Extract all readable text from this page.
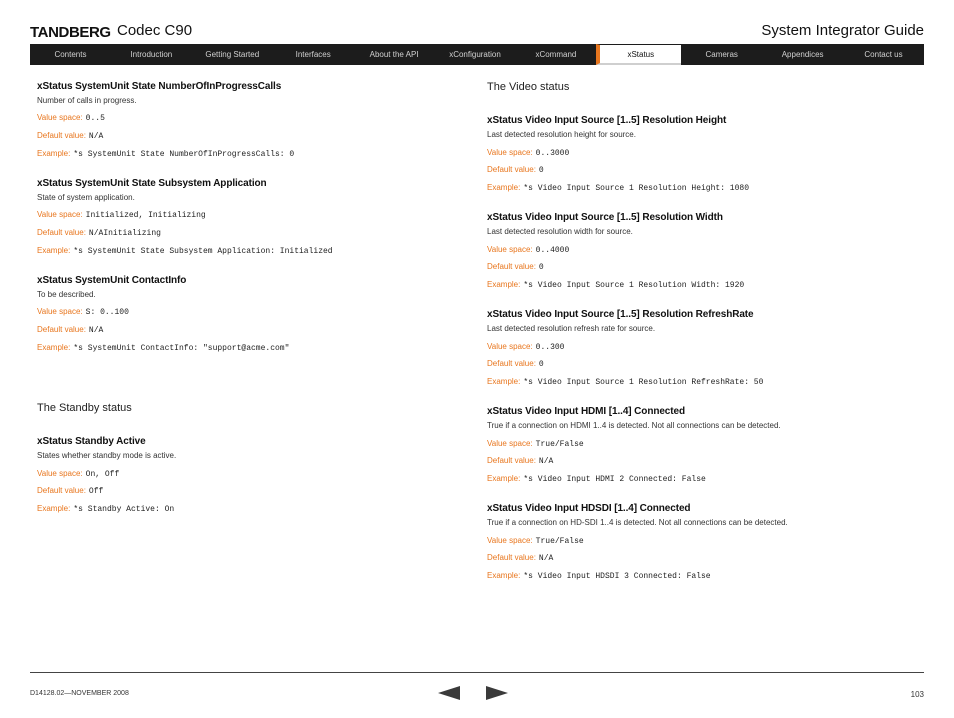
TANDBERG Codec C90	System Integrator Guide
Contents	Introduction	Getting Started	Interfaces	About the API	xConfiguration	xCommand	xStatus	Cameras	Appendices	Contact us
xStatus SystemUnit State NumberOfInProgressCalls
Number of calls in progress.
Value space: 0..5
Default value: N/A
Example: *s SystemUnit State NumberOfInProgressCalls: 0
xStatus SystemUnit State Subsystem Application
State of system application.
Value space: Initialized, Initializing
Default value: N/AInitializing
Example: *s SystemUnit State Subsystem Application: Initialized
xStatus SystemUnit ContactInfo
To be described.
Value space: S: 0..100
Default value: N/A
Example: *s SystemUnit ContactInfo: "support@acme.com"
The Standby status
xStatus Standby Active
States whether standby mode is active.
Value space: On, Off
Default value: Off
Example: *s Standby Active: On
The Video status
xStatus Video Input Source [1..5] Resolution Height
Last detected resolution height for source.
Value space: 0..3000
Default value: 0
Example: *s Video Input Source 1 Resolution Height: 1080
xStatus Video Input Source [1..5] Resolution Width
Last detected resolution width for source.
Value space: 0..4000
Default value: 0
Example: *s Video Input Source 1 Resolution Width: 1920
xStatus Video Input Source [1..5] Resolution RefreshRate
Last detected resolution refresh rate for source.
Value space: 0..300
Default value: 0
Example: *s Video Input Source 1 Resolution RefreshRate: 50
xStatus Video Input HDMI [1..4] Connected
True if a connection on HDMI 1..4 is detected. Not all connections can be detected.
Value space: True/False
Default value: N/A
Example: *s Video Input HDMI 2 Connected: False
xStatus Video Input HDSDI [1..4] Connected
True if a connection on HD-SDI 1..4 is detected. Not all connections can be detected.
Value space: True/False
Default value: N/A
Example: *s Video Input HDSDI 3 Connected: False
D14128.02—NOVEMBER 2008	103
